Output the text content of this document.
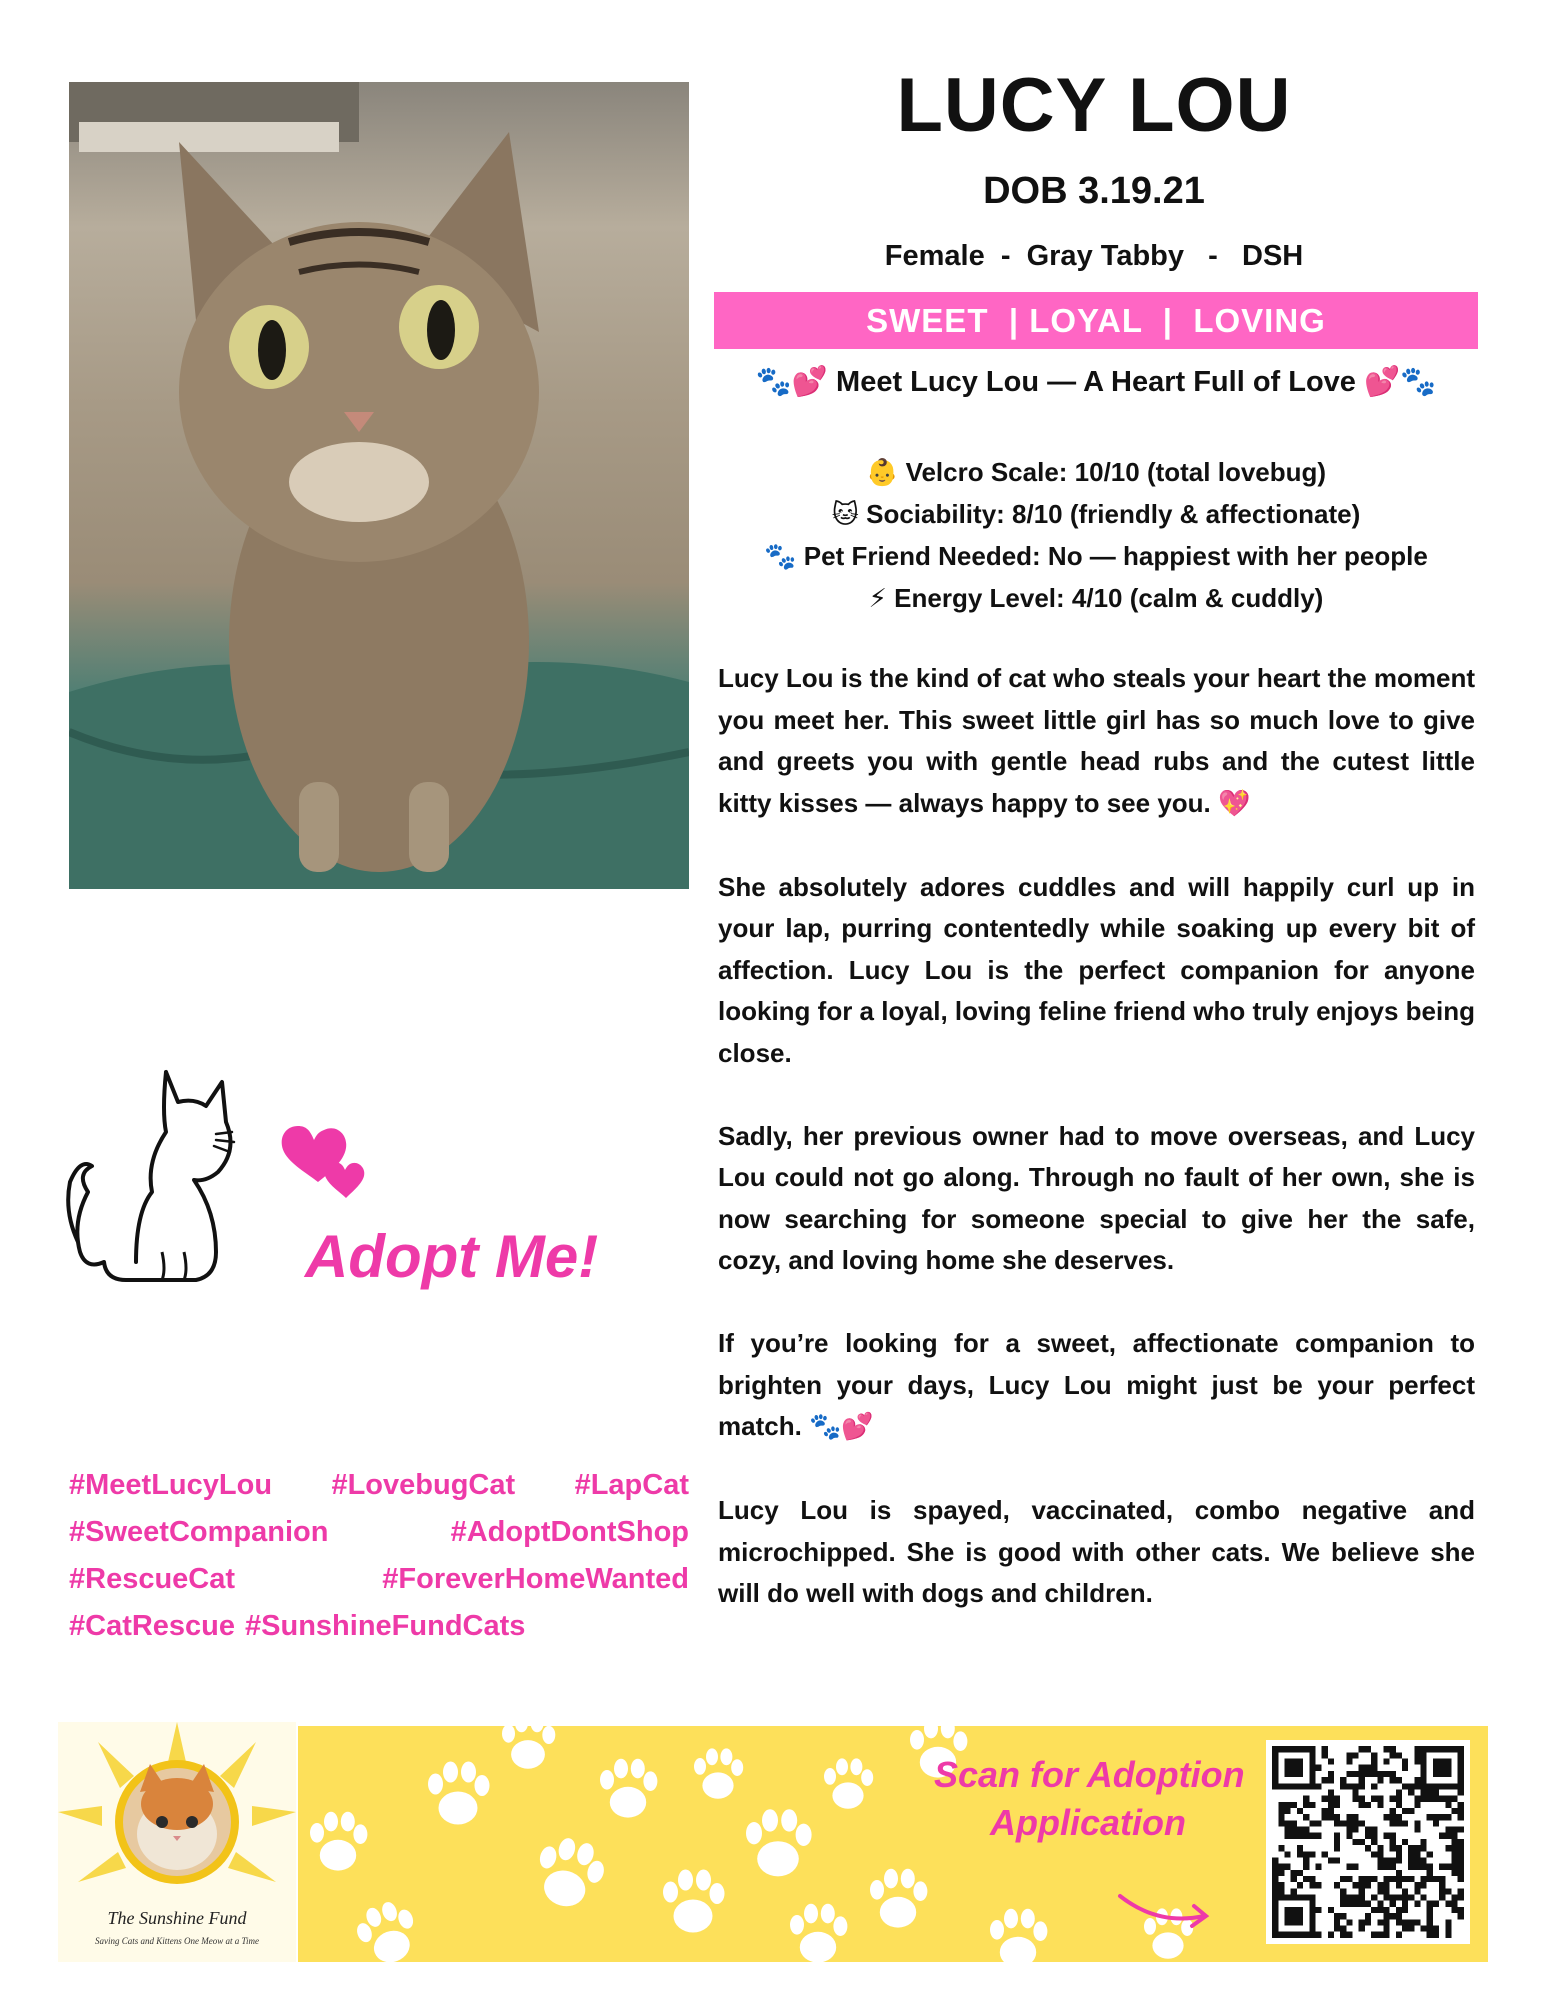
LUCY LOU
DOB 3.19.21
Female  -  Gray Tabby   -   DSH
SWEET  | LOYAL  |  LOVING
🐾💕 Meet Lucy Lou — A Heart Full of Love 💕🐾
👶 Velcro Scale: 10/10 (total lovebug)
🐱 Sociability: 8/10 (friendly & affectionate)
🐾 Pet Friend Needed: No — happiest with her people
⚡ Energy Level: 4/10 (calm & cuddly)

Lucy Lou is the kind of cat who steals your heart the moment you meet her. This sweet little girl has so much love to give and greets you with gentle head rubs and the cutest little kitty kisses — always happy to see you. 💖

She absolutely adores cuddles and will happily curl up in your lap, purring contentedly while soaking up every bit of affection. Lucy Lou is the perfect companion for anyone looking for a loyal, loving feline friend who truly enjoys being close.

Sadly, her previous owner had to move overseas, and Lucy Lou could not go along. Through no fault of her own, she is now searching for someone special to give her the safe, cozy, and loving home she deserves.

If you’re looking for a sweet, affectionate companion to brighten your days, Lucy Lou might just be your perfect match. 🐾💕

Lucy Lou is spayed, vaccinated, combo negative and microchipped. She is good with other cats. We believe she will do well with dogs and children.

Adopt Me!
#MeetLucyLou #LovebugCat #LapCat
#SweetCompanion	#AdoptDontShop
#RescueCat	#ForeverHomeWanted
#CatRescue #SunshineFundCats
The Sunshine Fund
Saving Cats and Kittens One Meow at a Time
Scan for Adoption
Application
